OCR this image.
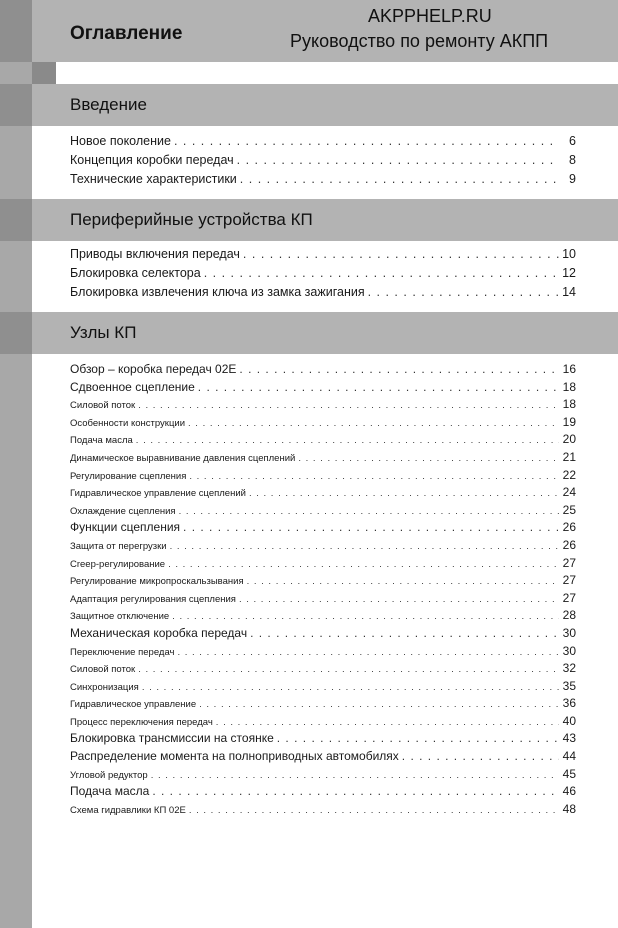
Оглавление
AKPPHELP.RU
Руководство по ремонту АКПП
Введение
Новое поколение . . .	6
Концепция коробки передач . . .	8
Технические характеристики . . .	9
Периферийные устройства КП
Приводы включения передач . . .	10
Блокировка селектора . . .	12
Блокировка извлечения ключа из замка зажигания . . .	14
Узлы КП
Обзор – коробка передач 02Е . . .	16
Сдвоенное сцепление . . .	18
Силовой поток . . .	18
Особенности конструкции . . .	19
Подача масла . . .	20
Динамическое выравнивание давления сцеплений . . .	21
Регулирование сцепления . . .	22
Гидравлическое управление сцеплений . . .	24
Охлаждение сцепления . . .	25
Функции сцепления . . .	26
Защита от перегрузки . . .	26
Creep-регулирование . . .	27
Регулирование микропроскальзывания . . .	27
Адаптация регулирования сцепления . . .	27
Защитное отключение . . .	28
Механическая коробка передач . . .	30
Переключение передач . . .	30
Силовой поток . . .	32
Синхронизация . . .	35
Гидравлическое управление . . .	36
Процесс переключения передач . . .	40
Блокировка трансмиссии на стоянке . . .	43
Распределение момента на полноприводных автомобилях . . .	44
Угловой редуктор . . .	45
Подача масла . . .	46
Схема гидравлики КП 02Е . . .	48
